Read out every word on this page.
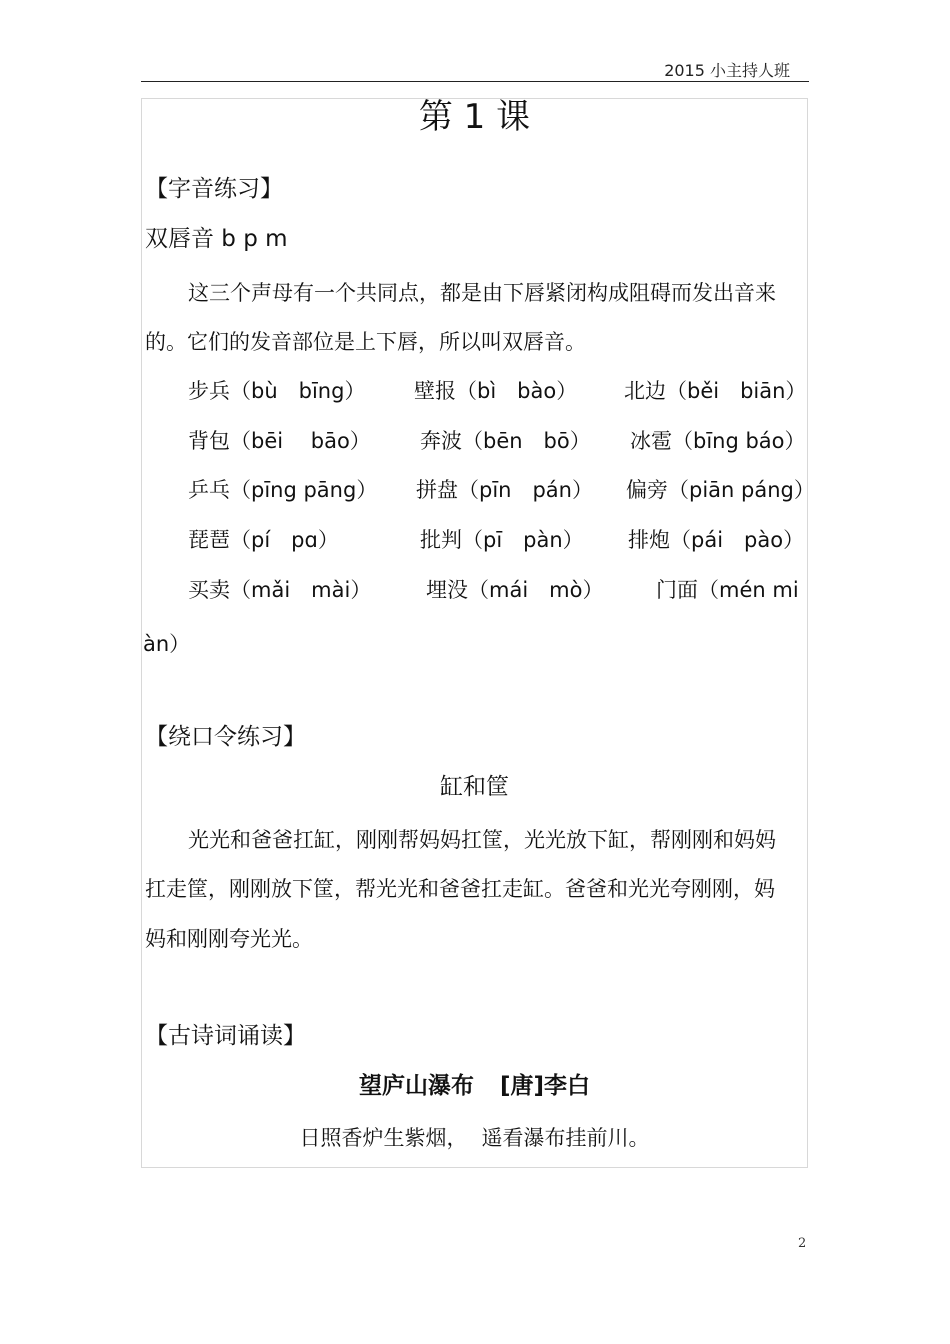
2015 小主持人班
第 1 课
【字音练习】
双唇音 b p m
这三个声母有一个共同点，都是由下唇紧闭构成阻碍而发出音来
的。它们的发音部位是上下唇，所以叫双唇音。
步兵（bù　bīng） 壁报（bì　bào） 北边（běi　biān）
背包（bēi　 bāo） 奔波（bēn　bō） 冰雹（bīng báo）
乒乓（pīng pāng） 拼盘（pīn　pán） 偏旁（piān páng）
琵琶（pí　pɑ）	批判（pī　pàn） 排炮（pái　pào）
买卖（mǎi　mài）	埋没（mái　mò）	门面（mén mi
àn）
【绕口令练习】
缸和筐
光光和爸爸扛缸，刚刚帮妈妈扛筐，光光放下缸，帮刚刚和妈妈
扛走筐，刚刚放下筐，帮光光和爸爸扛走缸。爸爸和光光夸刚刚，妈
妈和刚刚夸光光。
【古诗词诵读】
望庐山瀑布 [唐]李白
日照香炉生紫烟， 遥看瀑布挂前川。
2
